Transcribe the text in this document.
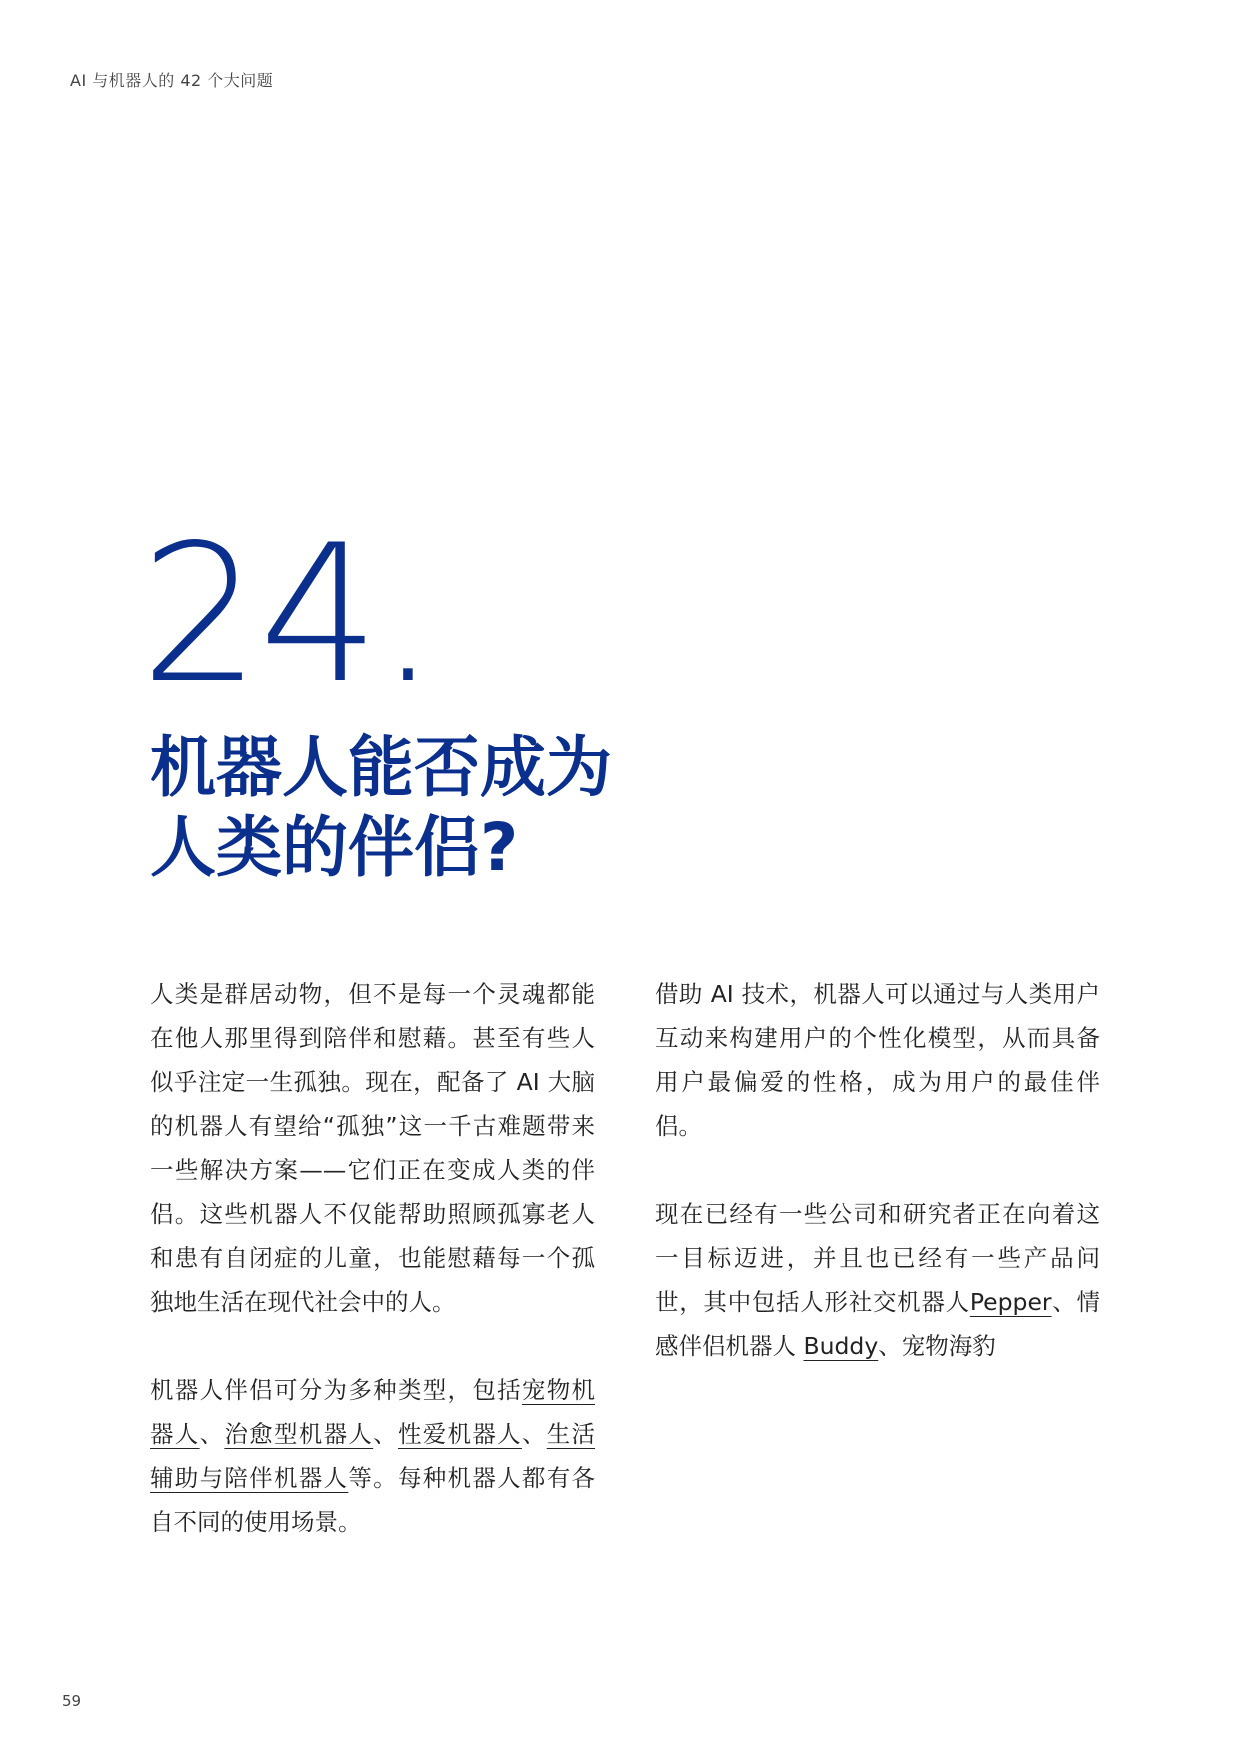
AI 与机器人的 42 个大问题
24.
机器人能否成为人类的伴侣?

人类是群居动物，但不是每一个灵魂都能在他人那里得到陪伴和慰藉。甚至有些人似乎注定一生孤独。现在，配备了 AI 大脑的机器人有望给“孤独”这一千古难题带来一些解决方案——它们正在变成人类的伴侣。这些机器人不仅能帮助照顾孤寡老人和患有自闭症的儿童，也能慰藉每一个孤独地生活在现代社会中的人。

机器人伴侣可分为多种类型，包括宠物机器人、治愈型机器人、性爱机器人、生活辅助与陪伴机器人等。每种机器人都有各自不同的使用场景。

借助 AI 技术，机器人可以通过与人类用户互动来构建用户的个性化模型，从而具备用户最偏爱的性格，成为用户的最佳伴侣。

现在已经有一些公司和研究者正在向着这一目标迈进，并且也已经有一些产品问世，其中包括人形社交机器人Pepper、情感伴侣机器人 Buddy、宠物海豹

59
